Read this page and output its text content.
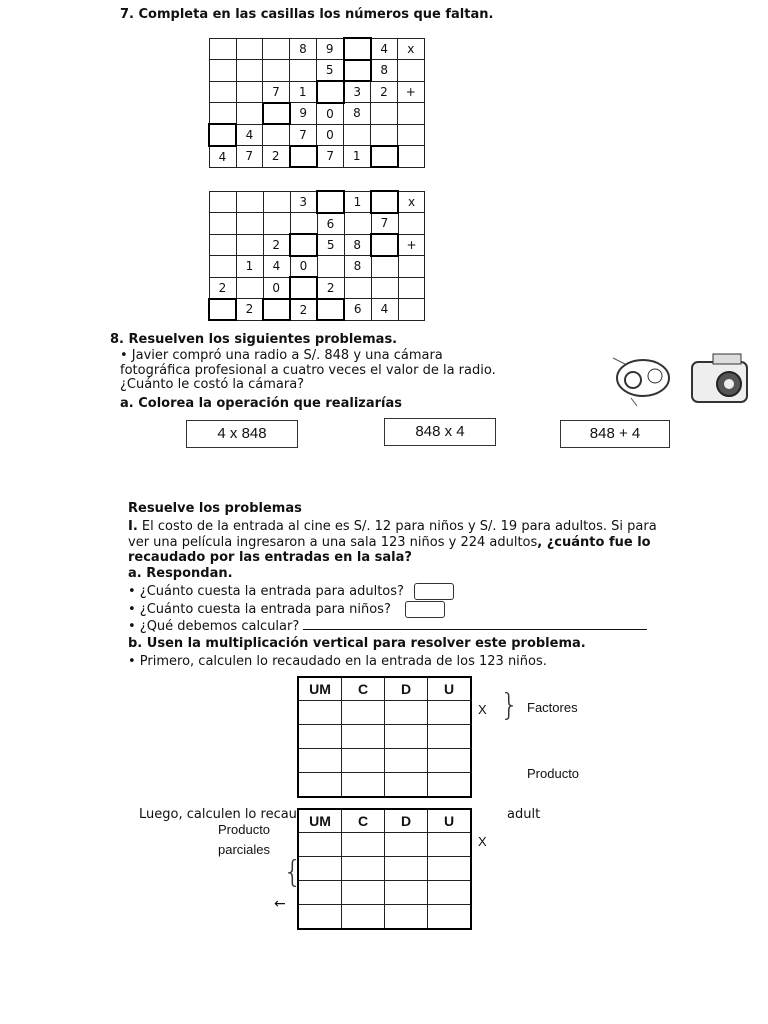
7. Completa en las casillas los números que faltan.
			8	9		4	x
				5		8	
		7	1		3	2	+
			9	0	8		
	4		7	0			
4	7	2		7	1		
			3		1		x
				6		7	
		2		5	8		+
	1	4	0		8		
2		0		2			
	2		2		6	4	
8. Resuelven los siguientes problemas.
• Javier compró una radio a S/. 848 y una cámara
fotográfica profesional a cuatro veces el valor de la radio.
¿Cuánto le costó la cámara?
a. Colorea la operación que realizarías
4 x 848	848 x 4	848 + 4
Resuelve los problemas
I. El costo de la entrada al cine es S/. 12 para niños y S/. 19 para adultos. Si para
ver una película ingresaron a una sala 123 niños y 224 adultos, ¿cuánto fue lo
recaudado por las entradas en la sala?
a. Respondan.
• ¿Cuánto cuesta la entrada para adultos?
• ¿Cuánto cuesta la entrada para niños?
• ¿Qué debemos calcular?
b. Usen la multiplicación vertical para resolver este problema.
• Primero, calculen lo recaudado en la entrada de los 123 niños.
UM	C	D	U

X } Factores
Producto
Luego, calculen lo recau	adult
UM	C	D	U

X
Producto
parciales
{
←
